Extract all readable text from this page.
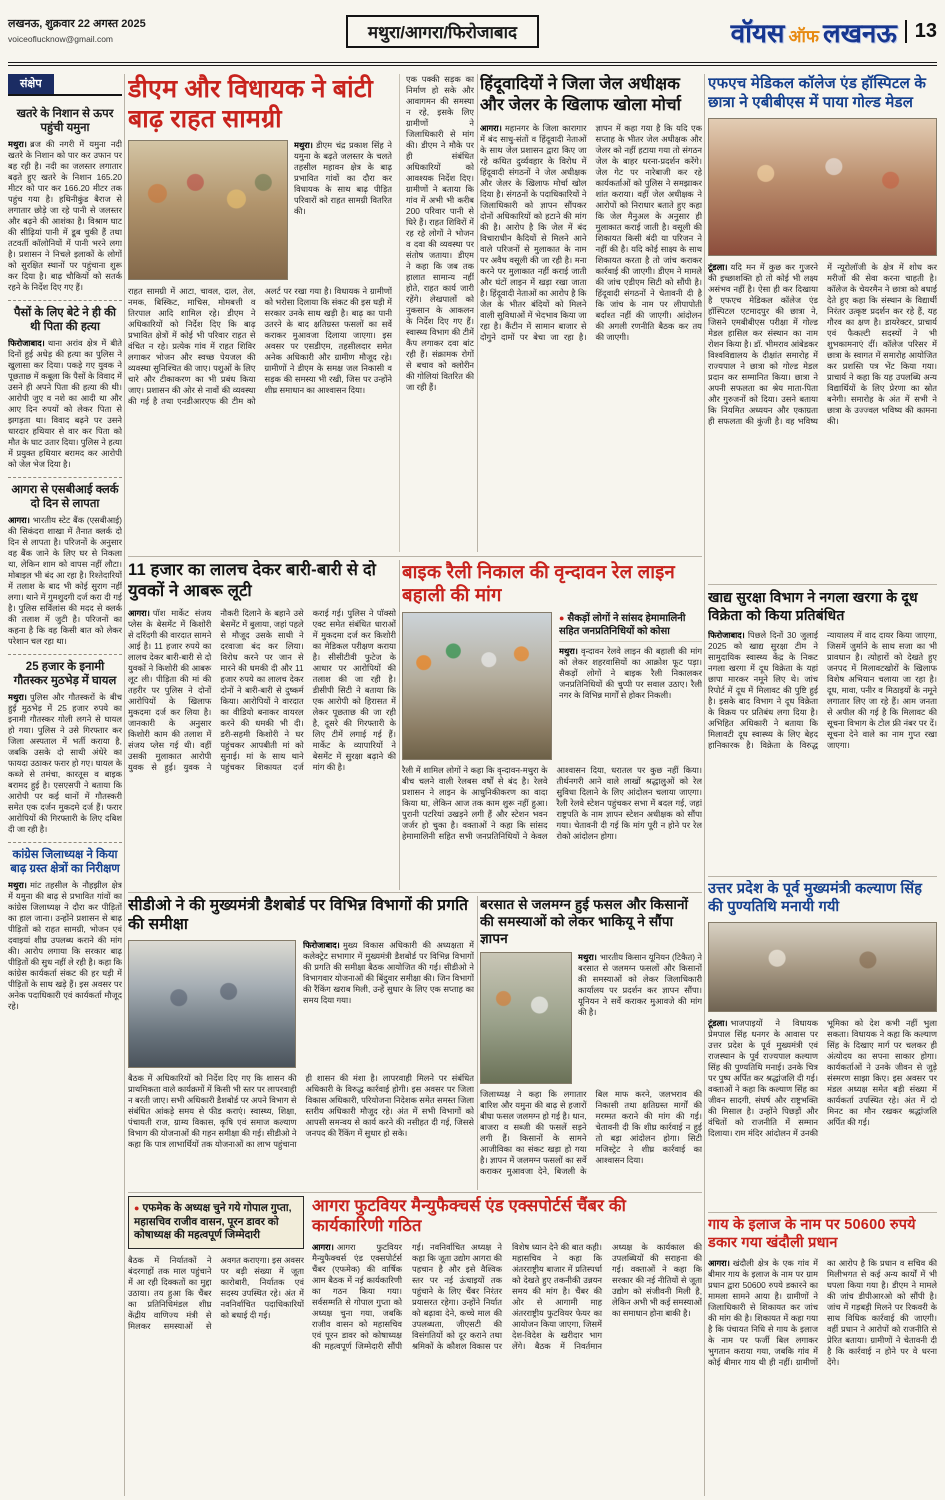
लखनऊ, शुक्रवार 22 अगस्त 2025
voiceoflucknow@gmail.com	मथुरा/आगरा/फिरोजाबाद	वॉयस ऑफ लखनऊ 13
संक्षेप
खतरे के निशान से ऊपर पहुंची यमुना

मथुरा। ब्रज की नगरी में यमुना नदी खतरे के निशान को पार कर उफान पर बह रही है। नदी का जलस्तर लगातार बढ़ते हुए खतरे के निशान 165.20 मीटर को पार कर 166.20 मीटर तक पहुंच गया है। हथिनीकुंड बैराज से लगातार छोड़े जा रहे पानी से जलस्तर और बढ़ने की आशंका है। विश्राम घाट की सीढ़ियां पानी में डूब चुकी हैं तथा तटवर्ती कॉलोनियों में पानी भरने लगा है। प्रशासन ने निचले इलाकों के लोगों को सुरक्षित स्थानों पर पहुंचाना शुरू कर दिया है। बाढ़ चौकियों को सतर्क रहने के निर्देश दिए गए हैं।

पैसों के लिए बेटे ने ही की थी पिता की हत्या

फिरोजाबाद। थाना अरांव क्षेत्र में बीते दिनों हुई अधेड़ की हत्या का पुलिस ने खुलासा कर दिया। पकड़े गए युवक ने पूछताछ में कबूला कि पैसों के विवाद में उसने ही अपने पिता की हत्या की थी। आरोपी जुए व नशे का आदी था और आए दिन रुपयों को लेकर पिता से झगड़ता था। विवाद बढ़ने पर उसने धारदार हथियार से वार कर पिता को मौत के घाट उतार दिया। पुलिस ने हत्या में प्रयुक्त हथियार बरामद कर आरोपी को जेल भेज दिया है।

आगरा से एसबीआई क्लर्क दो दिन से लापता

आगरा। भारतीय स्टेट बैंक (एसबीआई) की सिकंदरा शाखा में तैनात क्लर्क दो दिन से लापता है। परिजनों के अनुसार वह बैंक जाने के लिए घर से निकला था, लेकिन शाम को वापस नहीं लौटा। मोबाइल भी बंद आ रहा है। रिश्तेदारियों में तलाश के बाद भी कोई सुराग नहीं लगा। थाने में गुमशुदगी दर्ज करा दी गई है। पुलिस सर्विलांस की मदद से क्लर्क की तलाश में जुटी है। परिजनों का कहना है कि वह किसी बात को लेकर परेशान चल रहा था।

25 हजार के इनामी गौतस्कर मुठभेड़ में घायल

मथुरा। पुलिस और गौतस्करों के बीच हुई मुठभेड़ में 25 हजार रुपये का इनामी गौतस्कर गोली लगने से घायल हो गया। पुलिस ने उसे गिरफ्तार कर जिला अस्पताल में भर्ती कराया है, जबकि उसके दो साथी अंधेरे का फायदा उठाकर फरार हो गए। घायल के कब्जे से तमंचा, कारतूस व बाइक बरामद हुई है। एसएसपी ने बताया कि आरोपी पर कई थानों में गौतस्करी समेत एक दर्जन मुकद‌मे दर्ज हैं। फरार आरोपियों की गिरफ्तारी के लिए दबिश दी जा रही है।

कांग्रेस जिलाध्यक्ष ने किया बाढ़ ग्रस्त क्षेत्रों का निरीक्षण

मथुरा। मांट तहसील के नौहझील क्षेत्र में यमुना की बाढ़ से प्रभावित गांवों का कांग्रेस जिलाध्यक्ष ने दौरा कर पीड़ितों का हाल जाना। उन्होंने प्रशासन से बाढ़ पीड़ितों को राहत सामग्री, भोजन एवं दवाइयां शीघ्र उपलब्ध कराने की मांग की। आरोप लगाया कि सरकार बाढ़ पीड़ितों की सुध नहीं ले रही है। कहा कि कांग्रेस कार्यकर्ता संकट की हर घड़ी में पीड़ितों के साथ खड़े हैं। इस अवसर पर अनेक पदाधिकारी एवं कार्यकर्ता मौजूद रहे।

डीएम और विधायक ने बांटी बाढ़ राहत सामग्री

मथुरा। डीएम चंद्र प्रकाश सिंह ने यमुना के बढ़ते जलस्तर के चलते तहसील महावन क्षेत्र के बाढ़ प्रभावित गांवों का दौरा कर विधायक के साथ बाढ़ पीड़ित परिवारों को राहत सामग्री वितरित की।

राहत सामग्री में आटा, चावल, दाल, तेल, नमक, बिस्किट, माचिस, मोमबत्ती व तिरपाल आदि शामिल रहे। डीएम ने अधिकारियों को निर्देश दिए कि बाढ़ प्रभावित क्षेत्रों में कोई भी परिवार राहत से वंचित न रहे। प्रत्येक गांव में राहत शिविर लगाकर भोजन और स्वच्छ पेयजल की व्यवस्था सुनिश्चित की जाए। पशुओं के लिए चारे और टीकाकरण का भी प्रबंध किया जाए। प्रशासन की ओर से नावों की व्यवस्था की गई है तथा एनडीआरएफ की टीम को अलर्ट पर रखा गया है। विधायक ने ग्रामीणों को भरोसा दिलाया कि संकट की इस घड़ी में सरकार उनके साथ खड़ी है। बाढ़ का पानी उतरने के बाद क्षतिग्रस्त फसलों का सर्वे कराकर मुआवजा दिलाया जाएगा। इस अवसर पर एसडीएम, तहसीलदार समेत अनेक अधिकारी और ग्रामीण मौजूद रहे। ग्रामीणों ने डीएम के समक्ष जल निकासी व सड़क की समस्या भी रखी, जिस पर उन्होंने शीघ्र समाधान का आश्वासन दिया।

एक पक्की सड़क का निर्माण हो सके और आवागमन की समस्या न रहे, इसके लिए ग्रामीणों ने जिलाधिकारी से मांग की। डीएम ने मौके पर ही संबंधित अधिकारियों को आवश्यक निर्देश दिए। ग्रामीणों ने बताया कि गांव में अभी भी करीब 200 परिवार पानी से घिरे हैं। राहत शिविरों में रह रहे लोगों ने भोजन व दवा की व्यवस्था पर संतोष जताया। डीएम ने कहा कि जब तक हालात सामान्य नहीं होते, राहत कार्य जारी रहेंगे। लेखपालों को नुकसान के आकलन के निर्देश दिए गए हैं। स्वास्थ्य विभाग की टीमें कैंप लगाकर दवा बांट रही हैं। संक्रामक रोगों से बचाव को क्लोरीन की गोलियां वितरित की जा रही हैं।

हिंदूवादियों ने जिला जेल अधीक्षक और जेलर के खिलाफ खोला मोर्चा

आगरा। महानगर के जिला कारागार में बंद साधु-संतों व हिंदूवादी नेताओं के साथ जेल प्रशासन द्वारा किए जा रहे कथित दुर्व्यवहार के विरोध में हिंदूवादी संगठनों ने जेल अधीक्षक और जेलर के खिलाफ मोर्चा खोल दिया है। संगठनों के पदाधिकारियों ने जिलाधिकारी को ज्ञापन सौंपकर दोनों अधिकारियों को हटाने की मांग की है। आरोप है कि जेल में बंद विचाराधीन कैदियों से मिलने आने वाले परिजनों से मुलाकात के नाम पर अवैध वसूली की जा रही है। मना करने पर मुलाकात नहीं कराई जाती और घंटों लाइन में खड़ा रखा जाता है। हिंदूवादी नेताओं का आरोप है कि जेल के भीतर बंदियों को मिलने वाली सुविधाओं में भेदभाव किया जा रहा है। कैंटीन में सामान बाजार से दोगुने दामों पर बेचा जा रहा है। ज्ञापन में कहा गया है कि यदि एक सप्ताह के भीतर जेल अधीक्षक और जेलर को नहीं हटाया गया तो संगठन जेल के बाहर धरना-प्रदर्शन करेंगे। जेल गेट पर नारेबाजी कर रहे कार्यकर्ताओं को पुलिस ने समझाकर शांत कराया। वहीं जेल अधीक्षक ने आरोपों को निराधार बताते हुए कहा कि जेल मैनुअल के अनुसार ही मुलाकात कराई जाती है। वसूली की शिकायत किसी बंदी या परिजन ने नहीं की है। यदि कोई साक्ष्य के साथ शिकायत करता है तो जांच कराकर कार्रवाई की जाएगी। डीएम ने मामले की जांच एडीएम सिटी को सौंपी है। हिंदूवादी संगठनों ने चेतावनी दी है कि जांच के नाम पर लीपापोती बर्दाश्त नहीं की जाएगी। आंदोलन की अगली रणनीति बैठक कर तय की जाएगी।

11 हजार का लालच देकर बारी-बारी से दो युवकों ने आबरू लूटी

आगरा। पॉश मार्केट संजय प्लेस के बेसमेंट में किशोरी से दरिंदगी की वारदात सामने आई है। 11 हजार रुपये का लालच देकर बारी-बारी से दो युवकों ने किशोरी की आबरू लूट ली। पीड़िता की मां की तहरीर पर पुलिस ने दोनों आरोपियों के खिलाफ मुकदमा दर्ज कर लिया है। जानकारी के अनुसार किशोरी काम की तलाश में संजय प्लेस गई थी। वहीं उसकी मुलाकात आरोपी युवक से हुई। युवक ने नौकरी दिलाने के बहाने उसे बेसमेंट में बुलाया, जहां पहले से मौजूद उसके साथी ने दरवाजा बंद कर लिया। विरोध करने पर जान से मारने की धमकी दी और 11 हजार रुपये का लालच देकर दोनों ने बारी-बारी से दुष्कर्म किया। आरोपियों ने वारदात का वीडियो बनाकर वायरल करने की धमकी भी दी। डरी-सहमी किशोरी ने घर पहुंचकर आपबीती मां को सुनाई। मां के साथ थाने पहुंचकर शिकायत दर्ज कराई गई। पुलिस ने पॉक्सो एक्ट समेत संबंधित धाराओं में मुकदमा दर्ज कर किशोरी का मेडिकल परीक्षण कराया है। सीसीटीवी फुटेज के आधार पर आरोपियों की तलाश की जा रही है। डीसीपी सिटी ने बताया कि एक आरोपी को हिरासत में लेकर पूछताछ की जा रही है, दूसरे की गिरफ्तारी के लिए टीमें लगाई गई हैं। मार्केट के व्यापारियों ने बेसमेंट में सुरक्षा बढ़ाने की मांग की है।

बाइक रैली निकाल की वृन्दावन रेल लाइन बहाली की मांग

● सैकड़ों लोगों ने सांसद हेमामालिनी सहित जनप्रतिनिधियों को कोसा

मथुरा। वृन्दावन रेलवे लाइन की बहाली की मांग को लेकर शहरवासियों का आक्रोश फूट पड़ा। सैकड़ों लोगों ने बाइक रैली निकालकर जनप्रतिनिधियों की चुप्पी पर सवाल उठाए। रैली नगर के विभिन्न मार्गों से होकर निकली।

रैली में शामिल लोगों ने कहा कि वृन्दावन-मथुरा के बीच चलने वाली रेलबस वर्षों से बंद है। रेलवे प्रशासन ने लाइन के आधुनिकीकरण का वादा किया था, लेकिन आज तक काम शुरू नहीं हुआ। पुरानी पटरियां उखड़ने लगी हैं और स्टेशन भवन जर्जर हो चुका है। वक्ताओं ने कहा कि सांसद हेमामालिनी सहित सभी जनप्रतिनिधियों ने केवल आश्वासन दिया, धरातल पर कुछ नहीं किया। तीर्थनगरी आने वाले लाखों श्रद्धालुओं को रेल सुविधा दिलाने के लिए आंदोलन चलाया जाएगा। रैली रेलवे स्टेशन पहुंचकर सभा में बदल गई, जहां राष्ट्रपति के नाम ज्ञापन स्टेशन अधीक्षक को सौंपा गया। चेतावनी दी गई कि मांग पूरी न होने पर रेल रोको आंदोलन होगा।

सीडीओ ने की मुख्यमंत्री डैशबोर्ड पर विभिन्न विभागों की प्रगति की समीक्षा

फिरोजाबाद। मुख्य विकास अधिकारी की अध्यक्षता में कलेक्ट्रेट सभागार में मुख्यमंत्री डैशबोर्ड पर विभिन्न विभागों की प्रगति की समीक्षा बैठक आयोजित की गई। सीडीओ ने विभागवार योजनाओं की बिंदुवार समीक्षा की। जिन विभागों की रैंकिंग खराब मिली, उन्हें सुधार के लिए एक सप्ताह का समय दिया गया।

बैठक में अधिकारियों को निर्देश दिए गए कि शासन की प्राथमिकता वाले कार्यक्रमों में किसी भी स्तर पर लापरवाही न बरती जाए। सभी अधिकारी डैशबोर्ड पर अपने विभाग से संबंधित आंकड़े समय से फीड कराएं। स्वास्थ्य, शिक्षा, पंचायती राज, ग्राम्य विकास, कृषि एवं समाज कल्याण विभाग की योजनाओं की गहन समीक्षा की गई। सीडीओ ने कहा कि पात्र लाभार्थियों तक योजनाओं का लाभ पहुंचाना ही शासन की मंशा है। लापरवाही मिलने पर संबंधित अधिकारी के विरुद्ध कार्रवाई होगी। इस अवसर पर जिला विकास अधिकारी, परियोजना निदेशक समेत समस्त जिला स्तरीय अधिकारी मौजूद रहे। अंत में सभी विभागों को आपसी समन्वय से कार्य करने की नसीहत दी गई, जिससे जनपद की रैंकिंग में सुधार हो सके।

बरसात से जलमग्न हुई फसल और किसानों की समस्याओं को लेकर भाकियू ने सौंपा ज्ञापन

मथुरा। भारतीय किसान यूनियन (टिकैत) ने बरसात से जलमग्न फसलों और किसानों की समस्याओं को लेकर जिलाधिकारी कार्यालय पर प्रदर्शन कर ज्ञापन सौंपा। यूनियन ने सर्वे कराकर मुआवजे की मांग की है।

जिलाध्यक्ष ने कहा कि लगातार बारिश और यमुना की बाढ़ से हजारों बीघा फसल जलमग्न हो गई है। धान, बाजरा व सब्जी की फसलें सड़ने लगी हैं। किसानों के सामने आजीविका का संकट खड़ा हो गया है। ज्ञापन में जलमग्न फसलों का सर्वे कराकर मुआवजा देने, बिजली के बिल माफ करने, जलभराव की निकासी तथा क्षतिग्रस्त मार्गों की मरम्मत कराने की मांग की गई। चेतावनी दी कि शीघ्र कार्रवाई न हुई तो बड़ा आंदोलन होगा। सिटी मजिस्ट्रेट ने शीघ्र कार्रवाई का आश्वासन दिया।

● एफमेक के अध्यक्ष चुने गये गोपाल गुप्ता, महासचिव राजीव वासन, पूरन डावर को कोषाध्यक्ष की महत्वपूर्ण जिम्मेदारी

बैठक में निर्यातकों ने बंदरगाहों तक माल पहुंचाने में आ रही दिक्कतों का मुद्दा उठाया। तय हुआ कि चैंबर का प्रतिनिधिमंडल शीघ्र केंद्रीय वाणिज्य मंत्री से मिलकर समस्याओं से अवगत कराएगा। इस अवसर पर बड़ी संख्या में जूता कारोबारी, निर्यातक एवं सदस्य उपस्थित रहे। अंत में नवनिर्वाचित पदाधिकारियों को बधाई दी गई।

आगरा फुटवियर मैन्युफैक्चर्स एंड एक्सपोर्टर्स चैंबर की कार्यकारिणी गठित

आगरा। आगरा फुटवियर मैन्युफैक्चर्स एंड एक्सपोर्टर्स चैंबर (एफमेक) की वार्षिक आम बैठक में नई कार्यकारिणी का गठन किया गया। सर्वसम्मति से गोपाल गुप्ता को अध्यक्ष चुना गया, जबकि राजीव वासन को महासचिव एवं पूरन डावर को कोषाध्यक्ष की महत्वपूर्ण जिम्मेदारी सौंपी गई। नवनिर्वाचित अध्यक्ष ने कहा कि जूता उद्योग आगरा की पहचान है और इसे वैश्विक स्तर पर नई ऊंचाइयों तक पहुंचाने के लिए चैंबर निरंतर प्रयासरत रहेगा। उन्होंने निर्यात को बढ़ावा देने, कच्चे माल की उपलब्धता, जीएसटी की विसंगतियों को दूर कराने तथा श्रमिकों के कौशल विकास पर विशेष ध्यान देने की बात कही। महासचिव ने कहा कि अंतरराष्ट्रीय बाजार में प्रतिस्पर्धा को देखते हुए तकनीकी उन्नयन समय की मांग है। चैंबर की ओर से आगामी माह अंतरराष्ट्रीय फुटवियर फेयर का आयोजन किया जाएगा, जिसमें देश-विदेश के खरीदार भाग लेंगे। बैठक में निवर्तमान अध्यक्ष के कार्यकाल की उपलब्धियों की सराहना की गई। वक्ताओं ने कहा कि सरकार की नई नीतियों से जूता उद्योग को संजीवनी मिली है, लेकिन अभी भी कई समस्याओं का समाधान होना बाकी है।

एफएच मेडिकल कॉलेज एंड हॉस्पिटल के छात्रा ने एबीबीएस में पाया गोल्ड मेडल

टूंडला। यदि मन में कुछ कर गुजरने की इच्छाशक्ति हो तो कोई भी लक्ष्य असंभव नहीं है। ऐसा ही कर दिखाया है एफएच मेडिकल कॉलेज एंड हॉस्पिटल एटमादपुर की छात्रा ने, जिसने एमबीबीएस परीक्षा में गोल्ड मेडल हासिल कर संस्थान का नाम रोशन किया है। डॉ. भीमराव आंबेडकर विश्वविद्यालय के दीक्षांत समारोह में राज्यपाल ने छात्रा को गोल्ड मेडल प्रदान कर सम्मानित किया। छात्रा ने अपनी सफलता का श्रेय माता-पिता और गुरुजनों को दिया। उसने बताया कि नियमित अध्ययन और एकाग्रता ही सफलता की कुंजी है। वह भविष्य में न्यूरोलॉजी के क्षेत्र में शोध कर मरीजों की सेवा करना चाहती है। कॉलेज के चेयरमैन ने छात्रा को बधाई देते हुए कहा कि संस्थान के विद्यार्थी निरंतर उत्कृष्ट प्रदर्शन कर रहे हैं, यह गौरव का क्षण है। डायरेक्टर, प्राचार्य एवं फैकल्टी सदस्यों ने भी शुभकामनाएं दीं। कॉलेज परिसर में छात्रा के स्वागत में समारोह आयोजित कर प्रशस्ति पत्र भेंट किया गया। प्राचार्य ने कहा कि यह उपलब्धि अन्य विद्यार्थियों के लिए प्रेरणा का स्रोत बनेगी। समारोह के अंत में सभी ने छात्रा के उज्ज्वल भविष्य की कामना की।

खाद्य सुरक्षा विभाग ने नगला खरगा के दूध विक्रेता को किया प्रतिबंधित

फिरोजाबाद। पिछले दिनों 30 जुलाई 2025 को खाद्य सुरक्षा टीम ने सामुदायिक स्वास्थ्य केंद्र के निकट नगला खरगा में दूध विक्रेता के यहां छापा मारकर नमूने लिए थे। जांच रिपोर्ट में दूध में मिलावट की पुष्टि हुई है। इसके बाद विभाग ने दूध विक्रेता के विक्रय पर प्रतिबंध लगा दिया है। अभिहित अधिकारी ने बताया कि मिलावटी दूध स्वास्थ्य के लिए बेहद हानिकारक है। विक्रेता के विरुद्ध न्यायालय में वाद दायर किया जाएगा, जिसमें जुर्माने के साथ सजा का भी प्रावधान है। त्योहारों को देखते हुए जनपद में मिलावटखोरों के खिलाफ विशेष अभियान चलाया जा रहा है। दूध, मावा, पनीर व मिठाइयों के नमूने लगातार लिए जा रहे हैं। आम जनता से अपील की गई है कि मिलावट की सूचना विभाग के टोल फ्री नंबर पर दें। सूचना देने वाले का नाम गुप्त रखा जाएगा।

उत्तर प्रदेश के पूर्व मुख्यमंत्री कल्याण सिंह की पुण्यतिथि मनायी गयी

टूंडला। भाजपाइयों ने विधायक प्रेमपाल सिंह धनगर के आवास पर उत्तर प्रदेश के पूर्व मुख्यमंत्री एवं राजस्थान के पूर्व राज्यपाल कल्याण सिंह की पुण्यतिथि मनाई। उनके चित्र पर पुष्प अर्पित कर श्रद्धांजलि दी गई। वक्ताओं ने कहा कि कल्याण सिंह का जीवन सादगी, संघर्ष और राष्ट्रभक्ति की मिसाल है। उन्होंने पिछड़ों और वंचितों को राजनीति में सम्मान दिलाया। राम मंदिर आंदोलन में उनकी भूमिका को देश कभी नहीं भुला सकता। विधायक ने कहा कि कल्याण सिंह के दिखाए मार्ग पर चलकर ही अंत्योदय का सपना साकार होगा। कार्यकर्ताओं ने उनके जीवन से जुड़े संस्मरण साझा किए। इस अवसर पर मंडल अध्यक्ष समेत बड़ी संख्या में कार्यकर्ता उपस्थित रहे। अंत में दो मिनट का मौन रखकर श्रद्धांजलि अर्पित की गई।

गाय के इलाज के नाम पर 50600 रुपये डकार गया खंदौली प्रधान

आगरा। खंदौली क्षेत्र के एक गांव में बीमार गाय के इलाज के नाम पर ग्राम प्रधान द्वारा 50600 रुपये डकारने का मामला सामने आया है। ग्रामीणों ने जिलाधिकारी से शिकायत कर जांच की मांग की है। शिकायत में कहा गया है कि पंचायत निधि से गाय के इलाज के नाम पर फर्जी बिल लगाकर भुगतान कराया गया, जबकि गांव में कोई बीमार गाय थी ही नहीं। ग्रामीणों का आरोप है कि प्रधान व सचिव की मिलीभगत से कई अन्य कार्यों में भी घपला किया गया है। डीएम ने मामले की जांच डीपीआरओ को सौंपी है। जांच में गड़बड़ी मिलने पर रिकवरी के साथ विधिक कार्रवाई की जाएगी। वहीं प्रधान ने आरोपों को राजनीति से प्रेरित बताया। ग्रामीणों ने चेतावनी दी है कि कार्रवाई न होने पर वे धरना देंगे।
